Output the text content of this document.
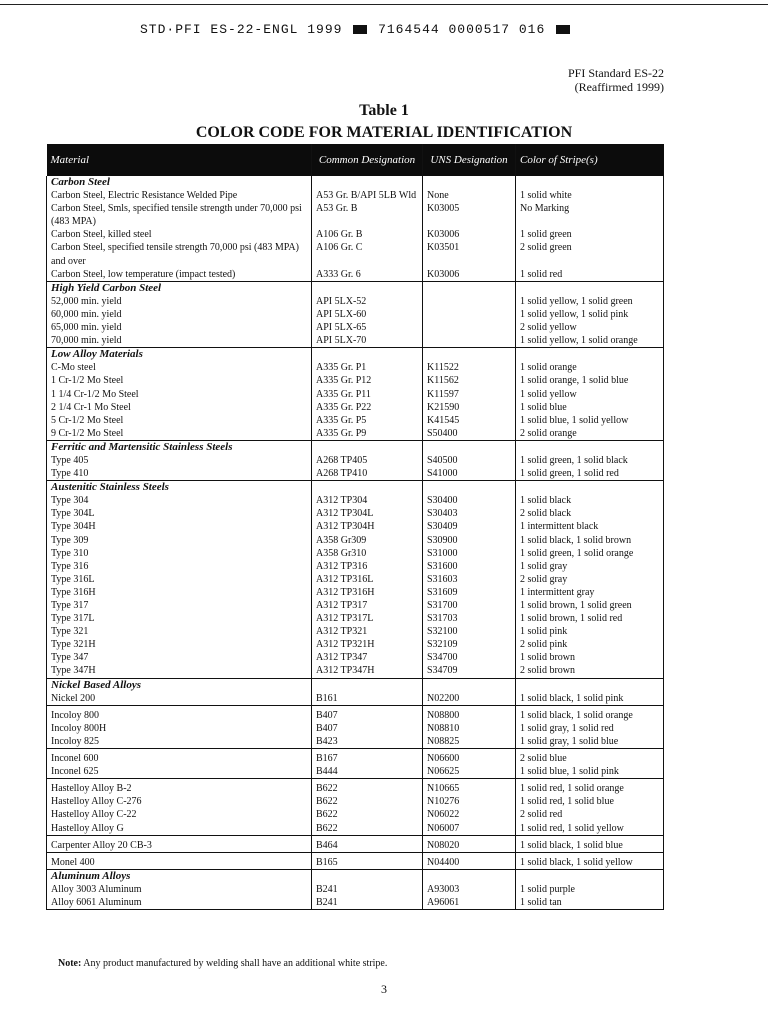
STD·PFI ES-22-ENGL 1999	7164544 0000517 016
PFI Standard ES-22
(Reaffirmed 1999)
Table 1
COLOR CODE FOR MATERIAL IDENTIFICATION
Material	Common Designation	UNS Designation	Color of Stripe(s)
Carbon Steel			
Carbon Steel, Electric Resistance Welded Pipe	A53 Gr. B/API 5LB Wld	None	1 solid white
Carbon Steel, Smls, specified tensile strength under 70,000 psi (483 MPA)	A53 Gr. B	K03005	No Marking
Carbon Steel, killed steel	A106 Gr. B	K03006	1 solid green
Carbon Steel, specified tensile strength 70,000 psi (483 MPA) and over	A106 Gr. C	K03501	2 solid green
Carbon Steel, low temperature (impact tested)	A333 Gr. 6	K03006	1 solid red
High Yield Carbon Steel			
52,000 min. yield	API 5LX-52		1 solid yellow, 1 solid green
60,000 min. yield	API 5LX-60		1 solid yellow, 1 solid pink
65,000 min. yield	API 5LX-65		2 solid yellow
70,000 min. yield	API 5LX-70		1 solid yellow, 1 solid orange
Low Alloy Materials			
C-Mo steel	A335 Gr. P1	K11522	1 solid orange
1 Cr-1/2 Mo Steel	A335 Gr. P12	K11562	1 solid orange, 1 solid blue
1 1/4 Cr-1/2 Mo Steel	A335 Gr. P11	K11597	1 solid yellow
2 1/4 Cr-1 Mo Steel	A335 Gr. P22	K21590	1 solid blue
5 Cr-1/2 Mo Steel	A335 Gr. P5	K41545	1 solid blue, 1 solid yellow
9 Cr-1/2 Mo Steel	A335 Gr. P9	S50400	2 solid orange
Ferritic and Martensitic Stainless Steels			
Type 405	A268 TP405	S40500	1 solid green, 1 solid black
Type 410	A268 TP410	S41000	1 solid green, 1 solid red
Austenitic Stainless Steels			
Type 304	A312 TP304	S30400	1 solid black
Type 304L	A312 TP304L	S30403	2 solid black
Type 304H	A312 TP304H	S30409	1 intermittent black
Type 309	A358 Gr309	S30900	1 solid black, 1 solid brown
Type 310	A358 Gr310	S31000	1 solid green, 1 solid orange
Type 316	A312 TP316	S31600	1 solid gray
Type 316L	A312 TP316L	S31603	2 solid gray
Type 316H	A312 TP316H	S31609	1 intermittent gray
Type 317	A312 TP317	S31700	1 solid brown, 1 solid green
Type 317L	A312 TP317L	S31703	1 solid brown, 1 solid red
Type 321	A312 TP321	S32100	1 solid pink
Type 321H	A312 TP321H	S32109	2 solid pink
Type 347	A312 TP347	S34700	1 solid brown
Type 347H	A312 TP347H	S34709	2 solid brown
Nickel Based Alloys			
Nickel 200	B161	N02200	1 solid black, 1 solid pink

Incoloy 800	B407	N08800	1 solid black, 1 solid orange
Incoloy 800H	B407	N08810	1 solid gray, 1 solid red
Incoloy 825	B423	N08825	1 solid gray, 1 solid blue

Inconel 600	B167	N06600	2 solid blue
Inconel 625	B444	N06625	1 solid blue, 1 solid pink

Hastelloy Alloy B-2	B622	N10665	1 solid red, 1 solid orange
Hastelloy Alloy C-276	B622	N10276	1 solid red, 1 solid blue
Hastelloy Alloy C-22	B622	N06022	2 solid red
Hastelloy Alloy G	B622	N06007	1 solid red, 1 solid yellow

Carpenter Alloy 20 CB-3	B464	N08020	1 solid black, 1 solid blue

Monel 400	B165	N04400	1 solid black, 1 solid yellow
Aluminum Alloys			
Alloy 3003 Aluminum	B241	A93003	1 solid purple
Alloy 6061 Aluminum	B241	A96061	1 solid tan
Note: Any product manufactured by welding shall have an additional white stripe.
3
